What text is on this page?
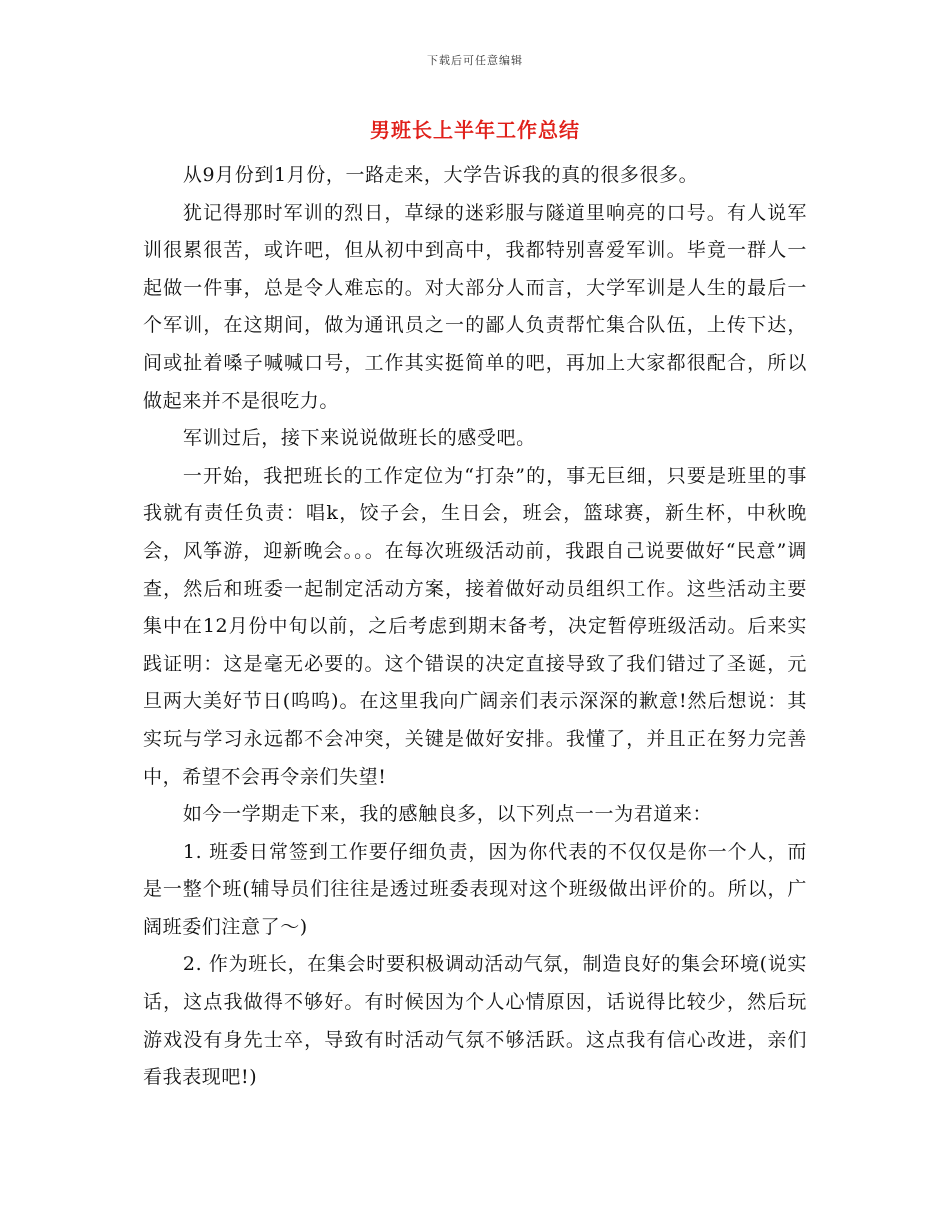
下载后可任意编辑
男班长上半年工作总结

从9月份到1月份，一路走来，大学告诉我的真的很多很多。

犹记得那时军训的烈日，草绿的迷彩服与隧道里响亮的口号。有人说军训很累很苦，或许吧，但从初中到高中，我都特别喜爱军训。毕竟一群人一起做一件事，总是令人难忘的。对大部分人而言，大学军训是人生的最后一个军训，在这期间，做为通讯员之一的鄙人负责帮忙集合队伍，上传下达，间或扯着嗓子喊喊口号，工作其实挺简单的吧，再加上大家都很配合，所以做起来并不是很吃力。

军训过后，接下来说说做班长的感受吧。

一开始，我把班长的工作定位为“打杂”的，事无巨细，只要是班里的事我就有责任负责：唱k，饺子会，生日会，班会，篮球赛，新生杯，中秋晚会，风筝游，迎新晚会。。。在每次班级活动前，我跟自己说要做好“民意”调查，然后和班委一起制定活动方案，接着做好动员组织工作。这些活动主要集中在12月份中旬以前，之后考虑到期末备考，决定暂停班级活动。后来实践证明：这是毫无必要的。这个错误的决定直接导致了我们错过了圣诞，元旦两大美好节日(呜呜)。在这里我向广阔亲们表示深深的歉意!然后想说：其实玩与学习永远都不会冲突，关键是做好安排。我懂了，并且正在努力完善中，希望不会再令亲们失望!

如今一学期走下来，我的感触良多，以下列点一一为君道来：

1. 班委日常签到工作要仔细负责，因为你代表的不仅仅是你一个人，而是一整个班(辅导员们往往是透过班委表现对这个班级做出评价的。所以，广阔班委们注意了～)

2. 作为班长，在集会时要积极调动活动气氛，制造良好的集会环境(说实话，这点我做得不够好。有时候因为个人心情原因，话说得比较少，然后玩游戏没有身先士卒，导致有时活动气氛不够活跃。这点我有信心改进，亲们看我表现吧!)
